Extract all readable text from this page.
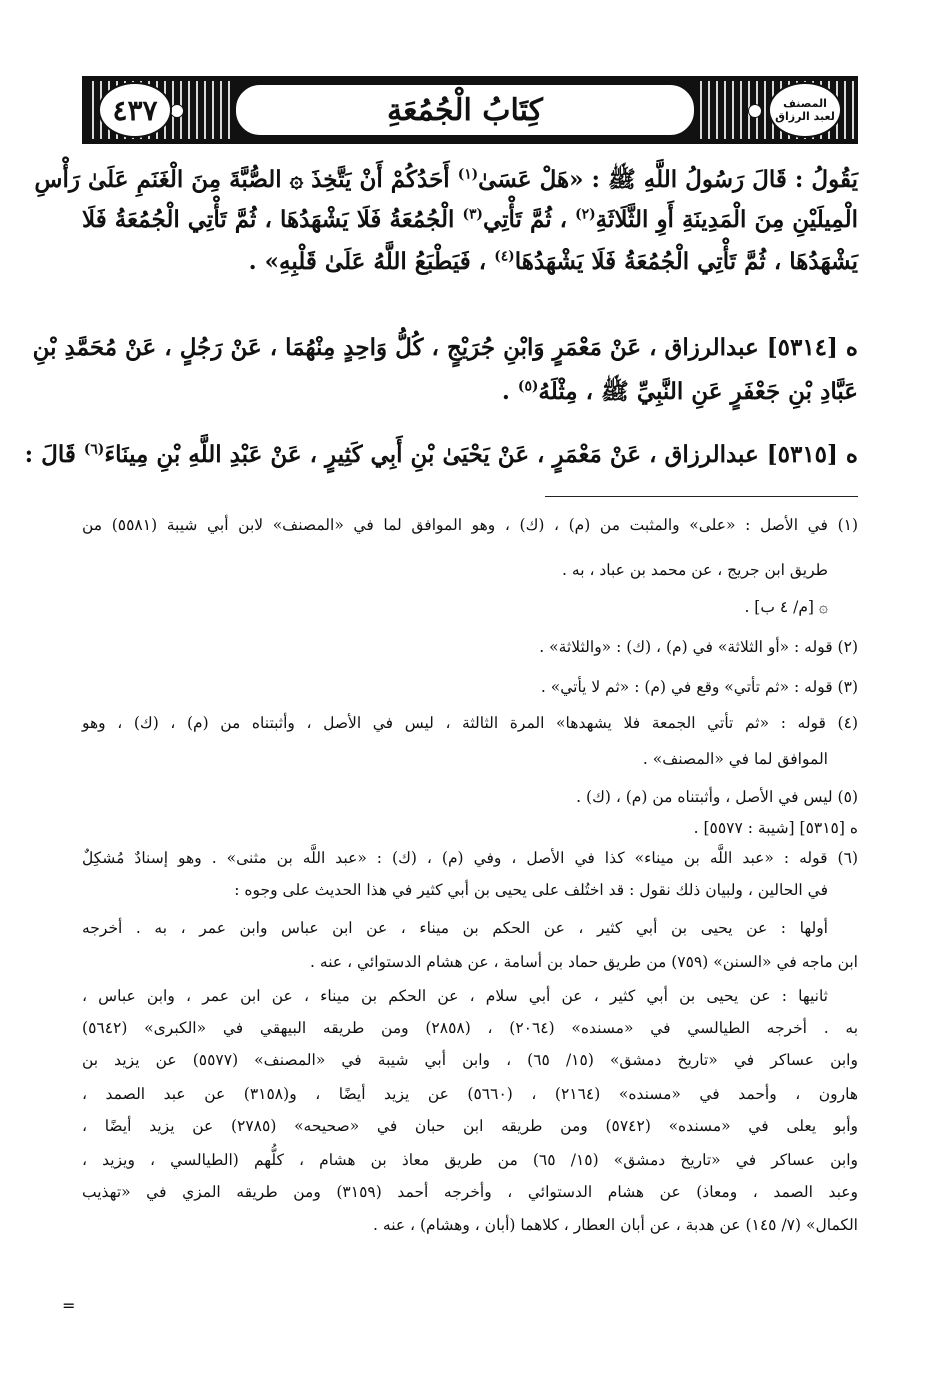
كِتَابُ الْجُمُعَةِ
٤٣٧	المصنف لعبد الرزاق
يَقُولُ : قَالَ رَسُولُ اللَّهِ ﷺ : «هَلْ عَسَىٰ$^{(١)}$ أَحَدُكُمْ أَنْ يَتَّخِذَ ۞ الصُّبَّةَ مِنَ الْغَنَمِ عَلَىٰ رَأْسِ
الْمِيلَيْنِ مِنَ الْمَدِينَةِ أَوِ الثَّلَاثَةِ$^{(٢)}$ ، ثُمَّ تَأْتِي$^{(٣)}$ الْجُمُعَةُ فَلَا يَشْهَدُهَا ، ثُمَّ تَأْتِي الْجُمُعَةُ فَلَا
يَشْهَدُهَا ، ثُمَّ تَأْتِي الْجُمُعَةُ فَلَا يَشْهَدُهَا$^{(٤)}$ ، فَيَطْبَعُ اللَّهُ عَلَىٰ قَلْبِهِ» .
ه [٥٣١٤] عبدالرزاق ، عَنْ مَعْمَرٍ وَابْنِ جُرَيْجٍ ، كُلُّ وَاحِدٍ مِنْهُمَا ، عَنْ رَجُلٍ ، عَنْ مُحَمَّدِ بْنِ
عَبَّادِ بْنِ جَعْفَرٍ عَنِ النَّبِيِّ ﷺ ، مِثْلَهُ$^{(٥)}$ .
ه [٥٣١٥] عبدالرزاق ، عَنْ مَعْمَرٍ ، عَنْ يَحْيَىٰ بْنِ أَبِي كَثِيرٍ ، عَنْ عَبْدِ اللَّهِ بْنِ مِينَاءَ$^{(٦)}$ قَالَ :
(١) في الأصل : «على» والمثبت من (م) ، (ك) ، وهو الموافق لما في «المصنف» لابن أبي شيبة (٥٥٨١) من
طريق ابن جريج ، عن محمد بن عباد ، به .
۞ [م/ ٤ ب] .
(٢) قوله : «أو الثلاثة» في (م) ، (ك) : «والثلاثة» .
(٣) قوله : «ثم تأتي» وقع في (م) : «ثم لا يأتي» .
(٤) قوله : «ثم تأتي الجمعة فلا يشهدها» المرة الثالثة ، ليس في الأصل ، وأثبتناه من (م) ، (ك) ، وهو
الموافق لما في «المصنف» .
(٥) ليس في الأصل ، وأثبتناه من (م) ، (ك) .
ه [٥٣١٥] [شيبة : ٥٥٧٧] .
(٦) قوله : «عبد اللَّه بن ميناء» كذا في الأصل ، وفي (م) ، (ك) : «عبد اللَّه بن مثنى» . وهو إسنادٌ مُشكِلٌ
في الحالين ، ولبيان ذلك نقول : قد اختُلف على يحيى بن أبي كثير في هذا الحديث على وجوه :
أولها : عن يحيى بن أبي كثير ، عن الحكم بن ميناء ، عن ابن عباس وابن عمر ، به . أخرجه
ابن ماجه في «السنن» (٧٥٩) من طريق حماد بن أسامة ، عن هشام الدستوائي ، عنه .
ثانيها : عن يحيى بن أبي كثير ، عن أبي سلام ، عن الحكم بن ميناء ، عن ابن عمر ، وابن عباس ،
به . أخرجه الطيالسي في «مسنده» (٢٠٦٤) ، (٢٨٥٨) ومن طريقه البيهقي في «الكبرى» (٥٦٤٢)
وابن عساكر في «تاريخ دمشق» (١٥/ ٦٥) ، وابن أبي شيبة في «المصنف» (٥٥٧٧) عن يزيد بن
هارون ، وأحمد في «مسنده» (٢١٦٤) ، (٥٦٦٠) عن يزيد أيضًا ، و(٣١٥٨) عن عبد الصمد ،
وأبو يعلى في «مسنده» (٥٧٤٢) ومن طريقه ابن حبان في «صحيحه» (٢٧٨٥) عن يزيد أيضًا ،
وابن عساكر في «تاريخ دمشق» (١٥/ ٦٥) من طريق معاذ بن هشام ، كلُّهم (الطيالسي ، ويزيد ،
وعبد الصمد ، ومعاذ) عن هشام الدستوائي ، وأخرجه أحمد (٣١٥٩) ومن طريقه المزي في «تهذيب
الكمال» (٧/ ١٤٥) عن هدبة ، عن أبان العطار ، كلاهما (أبان ، وهشام) ، عنه .
=
